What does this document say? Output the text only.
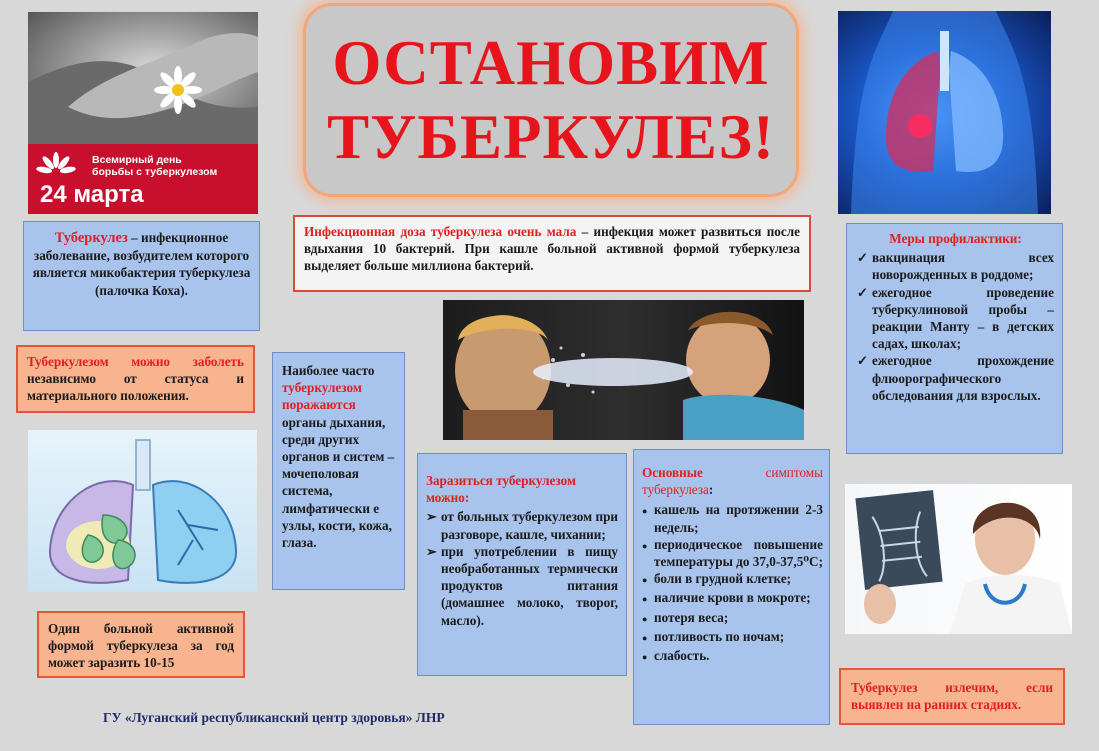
Всемирный день
борьбы с туберкулезом
24 марта
ОСТАНОВИМ
ТУБЕРКУЛЕЗ!
Туберкулез – инфекционное заболевание, возбудителем которого является микобактерия туберкулеза (палочка Коха).
Инфекционная доза туберкулеза очень мала – инфекция может развиться после вдыхания 10 бактерий. При кашле больной активной формой туберкулеза выделяет больше миллиона бактерий.
Меры профилактики:
✓ вакцинация всех новорожденных в роддоме;
✓ ежегодное проведение туберкулиновой пробы – реакции Манту – в детских садах, школах;
✓ ежегодное прохождение флюорографического обследования для взрослых.
Туберкулезом можно заболеть независимо от статуса и материального положения.
Наиболее часто
туберкулезом поражаются
органы дыхания, среди других органов и систем – мочеполовая система, лимфатически е узлы, кости, кожа, глаза.
Заразиться туберкулезом можно:
➢ от больных туберкулезом при разговоре, кашле, чихании;
➢ при употреблении в пищу необработанных термически продуктов питания (домашнее молоко, творог, масло).
Основные	симптомы
туберкулеза:
● кашель на протяжении 2-3 недель;
● периодическое повышение температуры до 37,0-37,5⁰С;
● боли в грудной клетке;
● наличие крови в мокроте;
● потеря веса;
● потливость по ночам;
● слабость.
Один больной активной формой туберкулеза за год может заразить 10-15
Туберкулез излечим, если выявлен на ранних стадиях.
ГУ «Луганский республиканский центр здоровья» ЛНР
